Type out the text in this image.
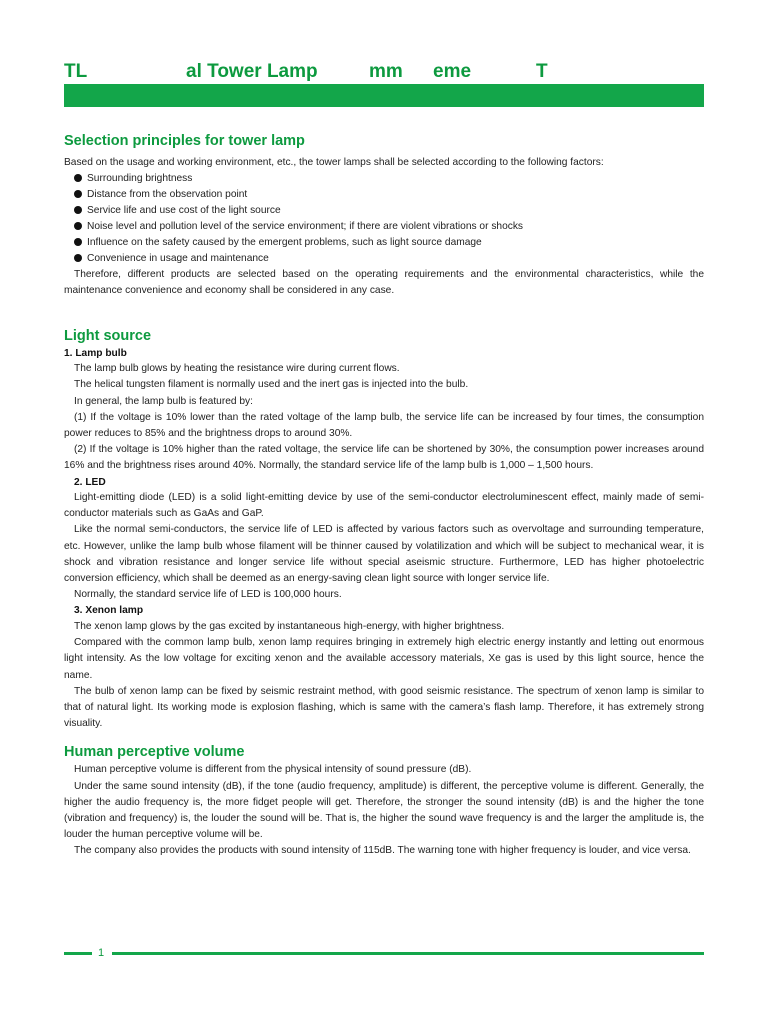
TL	al Tower Lamp	mm eme	T
Selection principles for tower lamp

Based on the usage and working environment, etc., the tower lamps shall be selected according to the following factors:

Surrounding brightness
Distance from the observation point
Service life and use cost of the light source
Noise level and pollution level of the service environment; if there are violent vibrations or shocks
Influence on the safety caused by the emergent problems, such as light source damage
Convenience in usage and maintenance

Therefore, different products are selected based on the operating requirements and the environmental characteristics, while the maintenance convenience and economy shall be considered in any case.

Light source

1. Lamp bulb

The lamp bulb glows by heating the resistance wire during current flows.

The helical tungsten filament is normally used and the inert gas is injected into the bulb.

In general, the lamp bulb is featured by:

(1) If the voltage is 10% lower than the rated voltage of the lamp bulb, the service life can be increased by four times, the consumption power reduces to 85% and the brightness drops to around 30%.

(2) If the voltage is 10% higher than the rated voltage, the service life can be shortened by 30%, the consumption power increases around 16% and the brightness rises around 40%. Normally, the standard service life of the lamp bulb is 1,000 – 1,500 hours.

2. LED

Light-emitting diode (LED) is a solid light-emitting device by use of the semi-conductor electroluminescent effect, mainly made of semi-conductor materials such as GaAs and GaP.

Like the normal semi-conductors, the service life of LED is affected by various factors such as overvoltage and surrounding temperature, etc. However, unlike the lamp bulb whose filament will be thinner caused by volatilization and which will be subject to mechanical wear, it is shock and vibration resistance and longer service life without special aseismic structure. Furthermore, LED has higher photoelectric conversion efficiency, which shall be deemed as an energy-saving clean light source with longer service life.

Normally, the standard service life of LED is 100,000 hours.

3. Xenon lamp

The xenon lamp glows by the gas excited by instantaneous high-energy, with higher brightness.

Compared with the common lamp bulb, xenon lamp requires bringing in extremely high electric energy instantly and letting out enormous light intensity. As the low voltage for exciting xenon and the available accessory materials, Xe gas is used by this light source, hence the name.

The bulb of xenon lamp can be fixed by seismic restraint method, with good seismic resistance. The spectrum of xenon lamp is similar to that of natural light. Its working mode is explosion flashing, which is same with the camera’s flash lamp. Therefore, it has extremely strong visuality.

Human perceptive volume

Human perceptive volume is different from the physical intensity of sound pressure (dB).

Under the same sound intensity (dB), if the tone (audio frequency, amplitude) is different, the perceptive volume is different. Generally, the higher the audio frequency is, the more fidget people will get. Therefore, the stronger the sound intensity (dB) is and the higher the tone (vibration and frequency) is, the louder the sound will be. That is, the higher the sound wave frequency is and the larger the amplitude is, the louder the human perceptive volume will be.

The company also provides the products with sound intensity of 115dB. The warning tone with higher frequency is louder, and vice versa.

1
